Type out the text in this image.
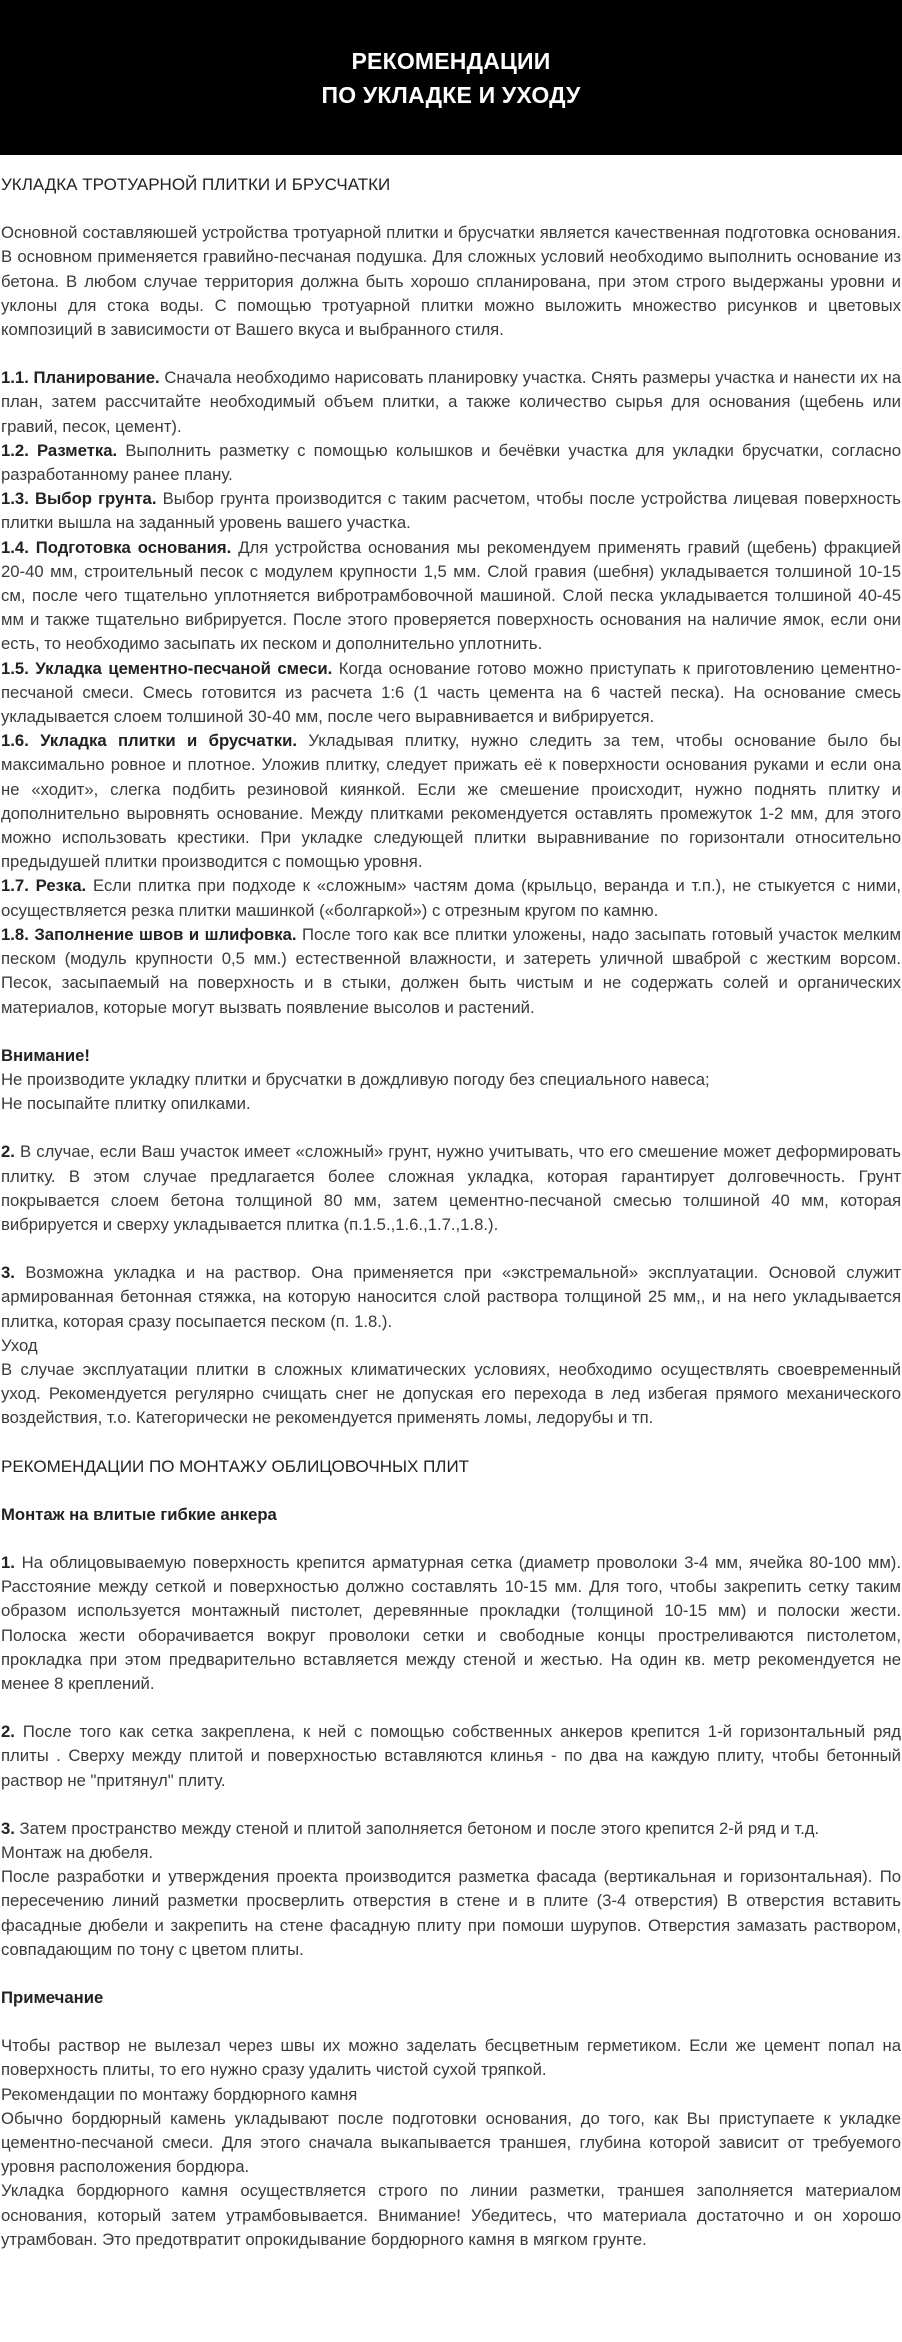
РЕКОМЕНДАЦИИ
ПО УКЛАДКЕ И УХОДУ

УКЛАДКА ТРОТУАРНОЙ ПЛИТКИ И БРУСЧАТКИ

Основной составляюшей устройства тротуарной плитки и брусчатки является качественная подготовка основания. В основном применяется гравийно-песчаная подушка. Для сложных условий необходимо выполнить основание из бетона. В любом случае территория должна быть хорошо спланирована, при этом строго выдержаны уровни и уклоны для стока воды. С помощью тротуарной плитки можно выложить множество рисунков и цветовых композиций в зависимости от Вашего вкуса и выбранного стиля.

1.1. Планирование. Сначала необходимо нарисовать планировку участка. Снять размеры участка и нанести их на план, затем рассчитайте необходимый объем плитки, а также количество сырья для основания (щебень или гравий, песок, цемент).

1.2. Разметка. Выполнить разметку с помощью колышков и бечёвки участка для укладки брусчатки, согласно разработанному ранее плану.

1.3. Выбор грунта. Выбор грунта производится с таким расчетом, чтобы после устройства лицевая поверхность плитки вышла на заданный уровень вашего участка.

1.4. Подготовка основания. Для устройства основания мы рекомендуем применять гравий (щебень) фракцией 20-40 мм, строительный песок с модулем крупности 1,5 мм. Слой гравия (шебня) укладывается толшиной 10-15 см, после чего тщательно уплотняется вибротрамбовочной машиной. Слой песка укладывается толшиной 40-45 мм и также тщательно вибрируется. После этого проверяется поверхность основания на наличие ямок, если они есть, то необходимо засыпать их песком и дополнительно уплотнить.

1.5. Укладка цементно-песчаной смеси. Когда основание готово можно приступать к приготовлению цементно-песчаной смеси. Смесь готовится из расчета 1:6 (1 часть цемента на 6 частей песка). На основание смесь укладывается слоем толшиной 30-40 мм, после чего выравнивается и вибрируется.

1.6. Укладка плитки и брусчатки. Укладывая плитку, нужно следить за тем, чтобы основание было бы максимально ровное и плотное. Уложив плитку, следует прижать её к поверхности основания руками и если она не «ходит», слегка подбить резиновой киянкой. Если же смешение происходит, нужно поднять плитку и дополнительно выровнять основание. Между плитками рекомендуется оставлять промежуток 1-2 мм, для этого можно использовать крестики. При укладке следующей плитки выравнивание по горизонтали относительно предыдушей плитки производится с помощью уровня.

1.7. Резка. Если плитка при подходе к «сложным» частям дома (крыльцо, веранда и т.п.), не стыкуется с ними, осуществляется резка плитки машинкой («болгаркой») с отрезным кругом по камню.

1.8. Заполнение швов и шлифовка. После того как все плитки уложены, надо засыпать готовый участок мелким песком (модуль крупности 0,5 мм.) естественной влажности, и затереть уличной шваброй с жестким ворсом. Песок, засыпаемый на поверхность и в стыки, должен быть чистым и не содержать солей и органических материалов, которые могут вызвать появление высолов и растений.

Внимание!

Не производите укладку плитки и брусчатки в дождливую погоду без специального навеса;

Не посыпайте плитку опилками.

2. В случае, если Ваш участок имеет «сложный» грунт, нужно учитывать, что его смешение может деформировать плитку. В этом случае предлагается более сложная укладка, которая гарантирует долговечность. Грунт покрывается слоем бетона толщиной 80 мм, затем цементно-песчаной смесью толшиной 40 мм, которая вибрируется и сверху укладывается плитка (п.1.5.,1.6.,1.7.,1.8.).

3. Возможна укладка и на раствор. Она применяется при «экстремальной» эксплуатации. Основой служит армированная бетонная стяжка, на которую наносится слой раствора толщиной 25 мм,, и на него укладывается плитка, которая сразу посыпается песком (п. 1.8.).

Уход

В случае эксплуатации плитки в сложных климатических условиях, необходимо осуществлять своевременный уход. Рекомендуется регулярно счищать снег не допуская его перехода в лед избегая прямого механического воздействия, т.о. Категорически не рекомендуется применять ломы, ледорубы и тп.

РЕКОМЕНДАЦИИ ПО МОНТАЖУ ОБЛИЦОВОЧНЫХ ПЛИТ

Монтаж на влитые гибкие анкера

1. На облицовываемую поверхность крепится арматурная сетка (диаметр проволоки 3-4 мм, ячейка 80-100 мм). Расстояние между сеткой и поверхностью должно составлять 10-15 мм. Для того, чтобы закрепить сетку таким образом используется монтажный пистолет, деревянные прокладки (толщиной 10-15 мм) и полоски жести. Полоска жести оборачивается вокруг проволоки сетки и свободные концы простреливаются пистолетом, прокладка при этом предварительно вставляется между стеной и жестью. На один кв. метр рекомендуется не менее 8 креплений.

2. После того как сетка закреплена, к ней с помощью собственных анкеров крепится 1-й горизонтальный ряд плиты . Сверху между плитой и поверхностью вставляются клинья - по два на каждую плиту, чтобы бетонный раствор не "притянул" плиту.

3. Затем пространство между стеной и плитой заполняется бетоном и после этого крепится 2-й ряд и т.д.

Монтаж на дюбеля.

После разработки и утверждения проекта производится разметка фасада (вертикальная и горизонтальная). По пересечению линий разметки просверлить отверстия в стене и в плите (3-4 отверстия) В отверстия вставить фасадные дюбели и закрепить на стене фасадную плиту при помоши шурупов. Отверстия замазать раствором, совпадающим по тону с цветом плиты.

Примечание

Чтобы раствор не вылезал через швы их можно заделать бесцветным герметиком. Если же цемент попал на поверхность плиты, то его нужно сразу удалить чистой сухой тряпкой.

Рекомендации по монтажу бордюрного камня

Обычно бордюрный камень укладывают после подготовки основания, до того, как Вы приступаете к укладке цементно-песчаной смеси. Для этого сначала выкапывается траншея, глубина которой зависит от требуемого уровня расположения бордюра.

Укладка бордюрного камня осуществляется строго по линии разметки, траншея заполняется материалом основания, который затем утрамбовывается. Внимание! Убедитесь, что материала достаточно и он хорошо утрамбован. Это предотвратит опрокидывание бордюрного камня в мягком грунте.
